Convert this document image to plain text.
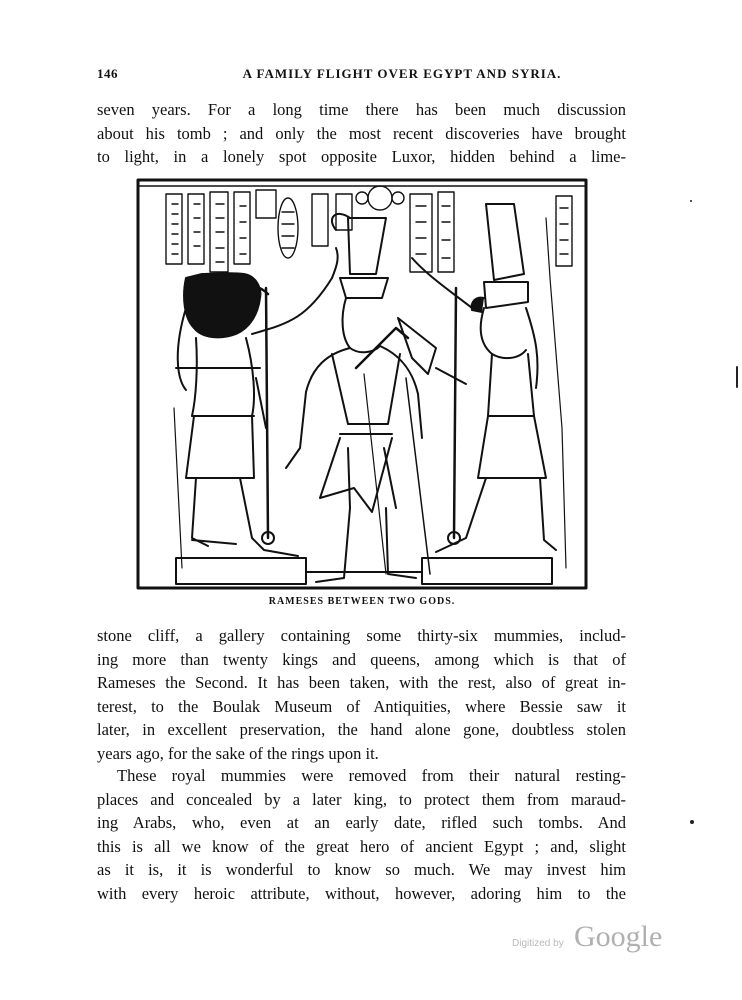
146	A FAMILY FLIGHT OVER EGYPT AND SYRIA.

seven years. For a long time there has been much discussion
about his tomb ; and only the most recent discoveries have brought
to light, in a lonely spot opposite Luxor, hidden behind a lime-

RAMESES BETWEEN TWO GODS.

stone cliff, a gallery containing some thirty-six mummies, includ-
ing more than twenty kings and queens, among which is that of
Rameses the Second. It has been taken, with the rest, also of great in-
terest, to the Boulak Museum of Antiquities, where Bessie saw it
later, in excellent preservation, the hand alone gone, doubtless stolen
years ago, for the sake of the rings upon it.

These royal mummies were removed from their natural resting-
places and concealed by a later king, to protect them from maraud-
ing Arabs, who, even at an early date, rifled such tombs. And
this is all we know of the great hero of ancient Egypt ; and, slight
as it is, it is wonderful to know so much. We may invest him
with every heroic attribute, without, however, adoring him to the

Digitized by Google
